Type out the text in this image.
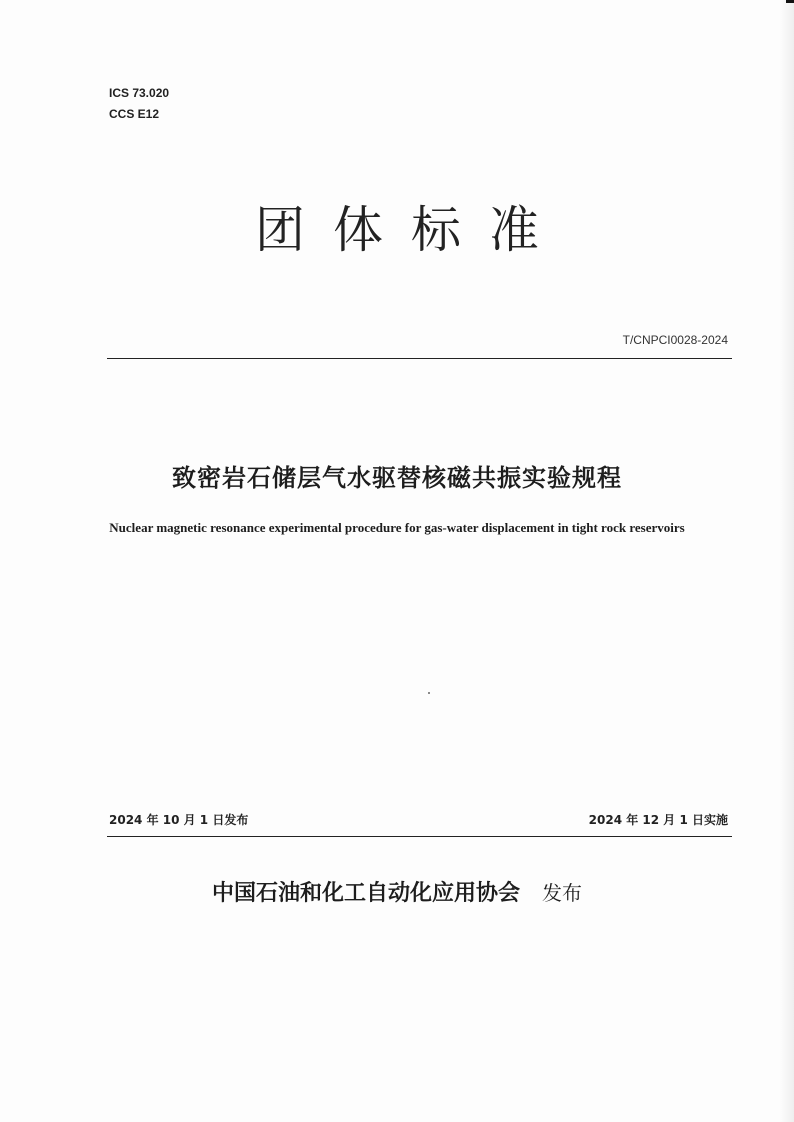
ICS 73.020
CCS E12
团体标准
T/CNPCI0028-2024
致密岩石储层气水驱替核磁共振实验规程
Nuclear magnetic resonance experimental procedure for gas-water displacement in tight rock reservoirs
2024 年 10 月 1 日发布	2024 年 12 月 1 日实施
中国石油和化工自动化应用协会 发布
